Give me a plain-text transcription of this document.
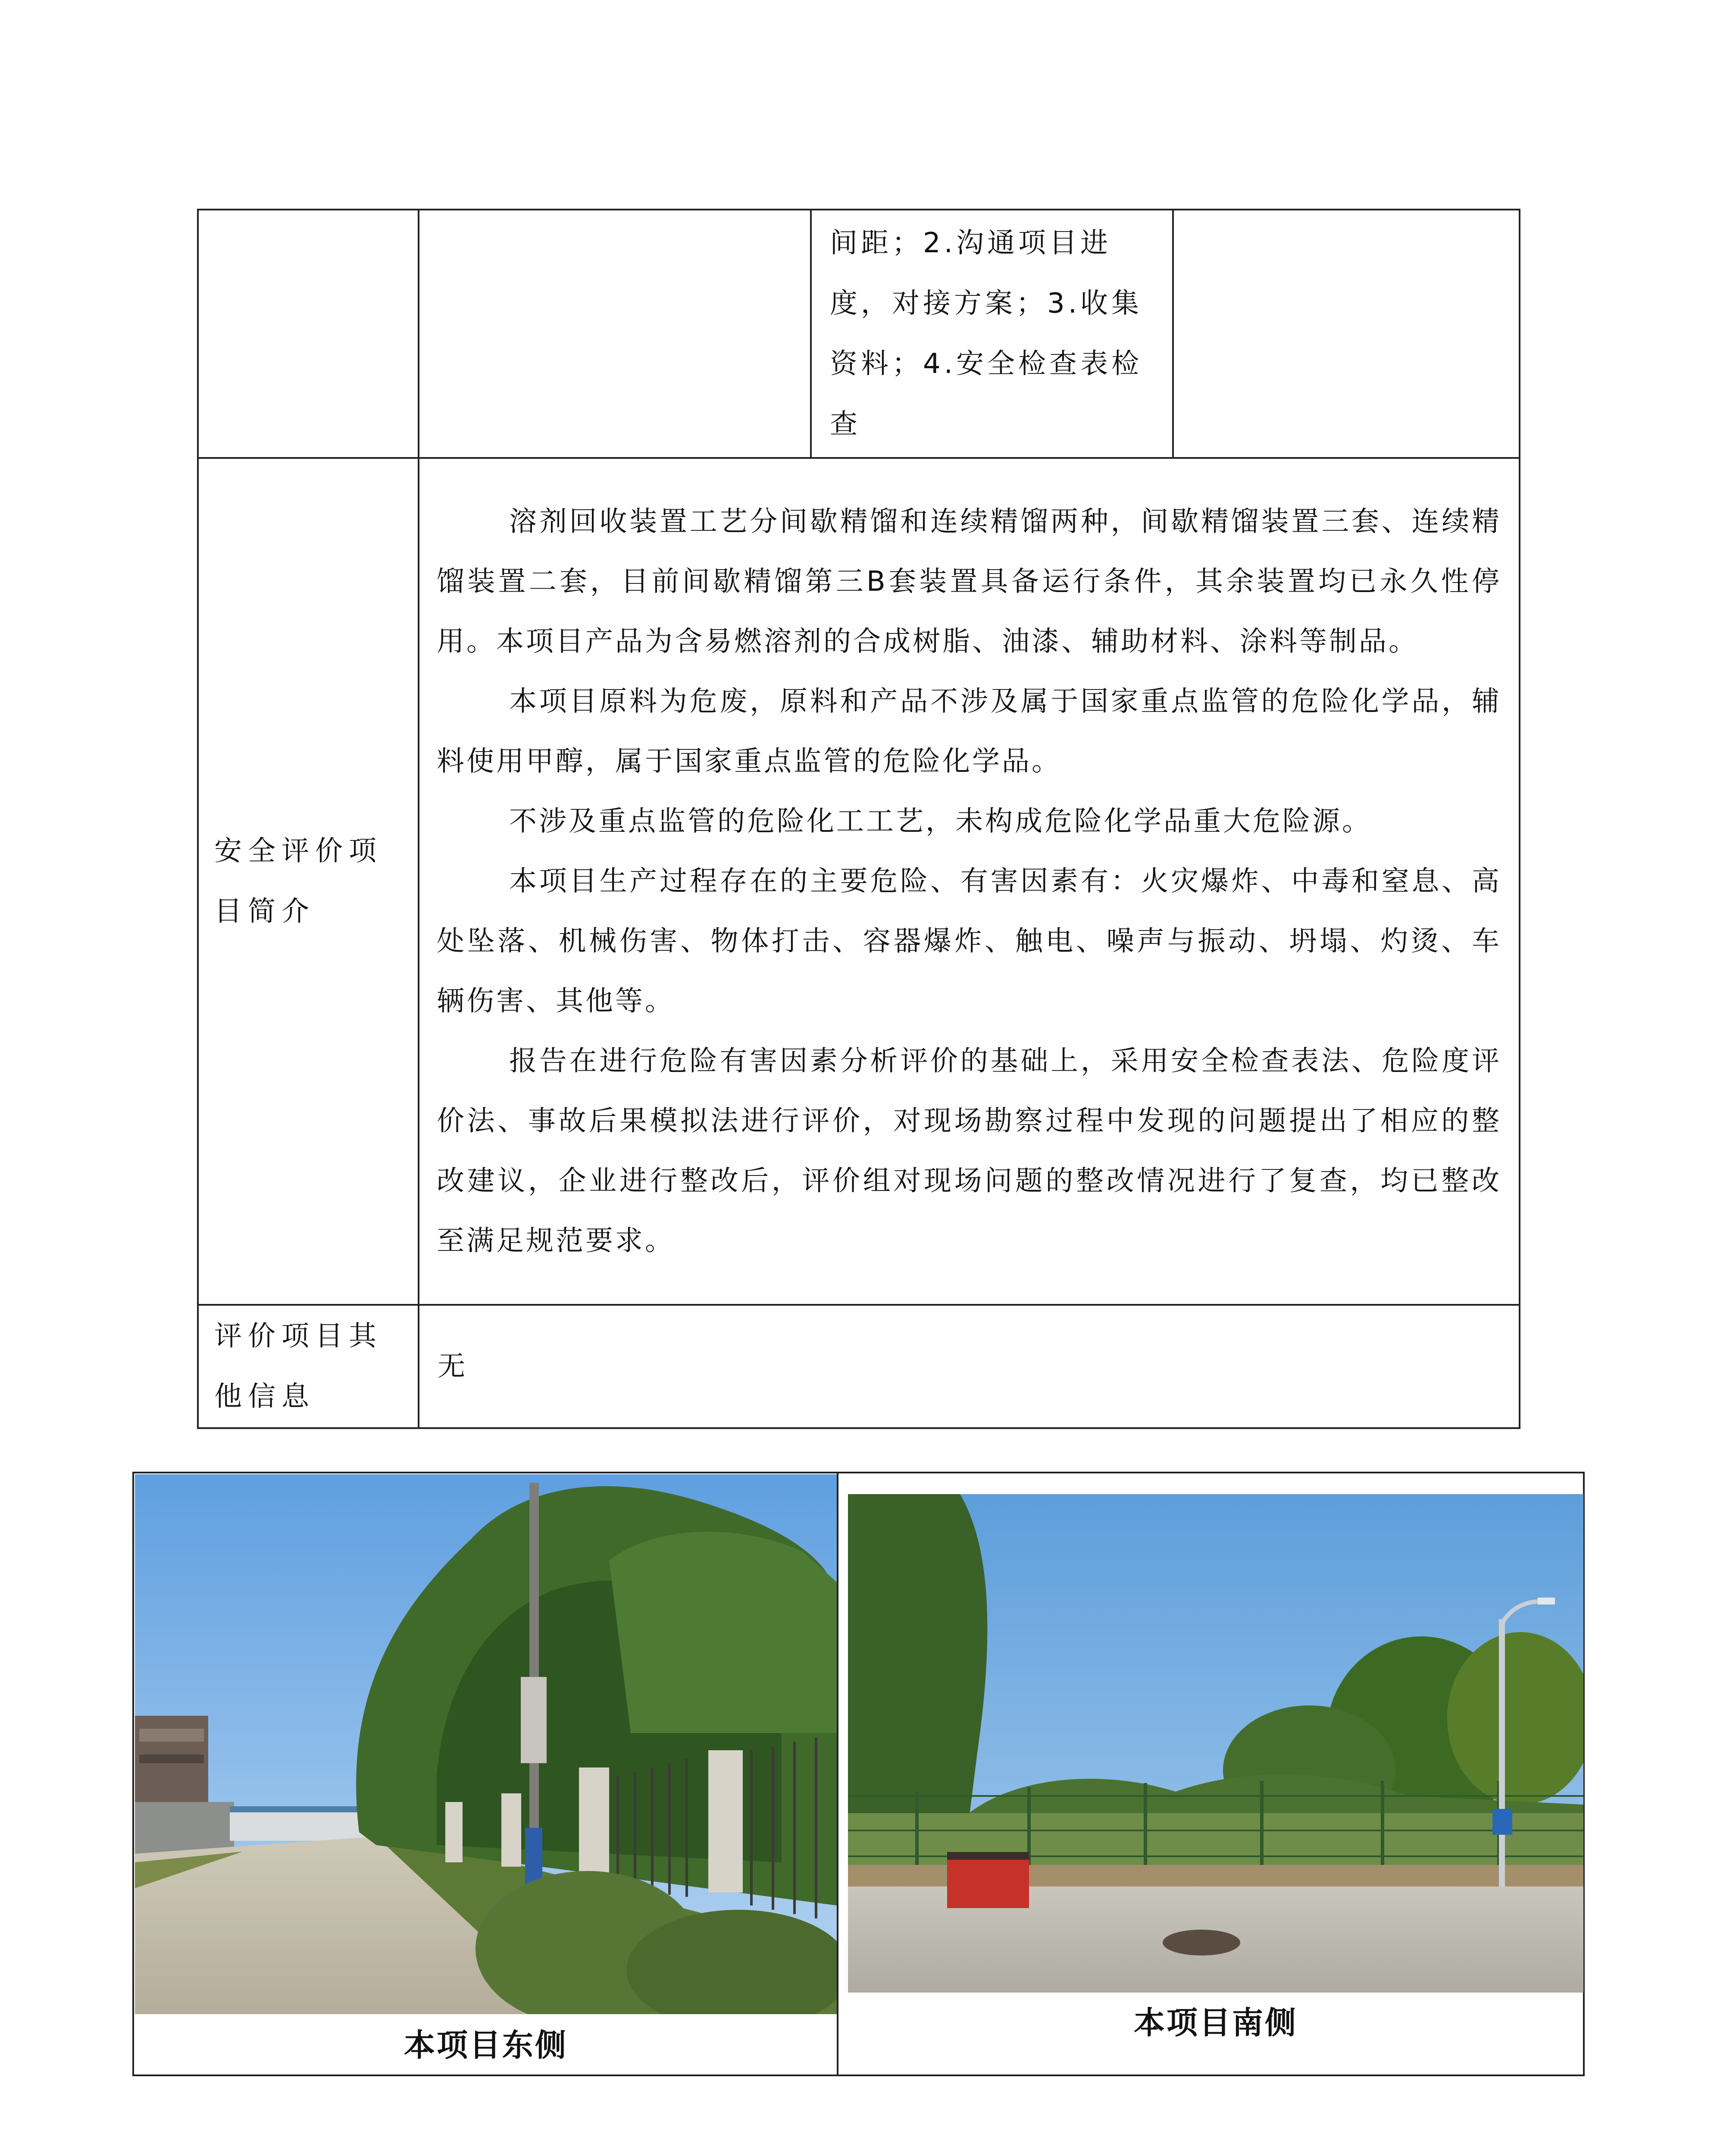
		间距；2.沟通项目进度，对接方案；3.收集资料；4.安全检查表检查	

安全评价项目简介	溶剂回收装置工艺分间歇精馏和连续精馏两种，间歇精馏装置三套、连续精馏装置二套，目前间歇精馏第三B套装置具备运行条件，其余装置均已永久性停用。本项目产品为含易燃溶剂的合成树脂、油漆、辅助材料、涂料等制品。

本项目原料为危废，原料和产品不涉及属于国家重点监管的危险化学品，辅料使用甲醇，属于国家重点监管的危险化学品。

不涉及重点监管的危险化工工艺，未构成危险化学品重大危险源。

本项目生产过程存在的主要危险、有害因素有：火灾爆炸、中毒和窒息、高处坠落、机械伤害、物体打击、容器爆炸、触电、噪声与振动、坍塌、灼烫、车辆伤害、其他等。

报告在进行危险有害因素分析评价的基础上，采用安全检查表法、危险度评价法、事故后果模拟法进行评价，对现场勘察过程中发现的问题提出了相应的整改建议，企业进行整改后，评价组对现场问题的整改情况进行了复查，均已整改至满足规范要求。		

评价项目其他信息	无		
本项目东侧
本项目南侧
